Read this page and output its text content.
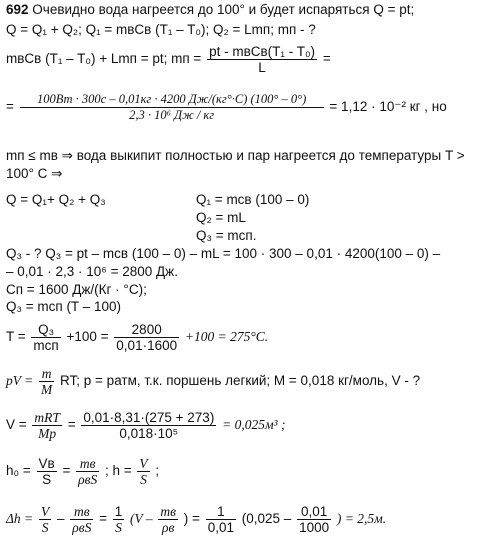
692 Очевидно вода нагреется до 100° и будет испаряться Q = pt;
Q = Q₁ + Q₂; Q₁ = mвCв (T₁ – T₀); Q₂ = Lmп; mп - ?
mвCв (T₁ – T₀) + Lmп = pt; mп = $\frac{\text{pt - mвCв(T₁ - T₀)}}{L}$ =
= $\frac{100Вт \cdot 300с - 0,01кг \cdot 4200 Дж/(кг^\circ\cdot С) (100^\circ - 0^\circ)}{\text{2,3 · 10⁶ Дж / кг}} = 1,12 \cdot 10^{-2}$ кг , но
mп ≤ mв ⇒ вода выкипит полностью и пар нагреется до температуры T >
100° C ⇒
Q = Q₁+ Q₂ + Q₃	Q₁ = mcв (100 – 0)
Q₂ = mL
Q₃ = mcп.
Q₃ - ? Q₃ = pt – mcв (100 – 0) – mL = 100 · 300 – 0,01 · 4200(100 – 0) –
– 0,01 · 2,3 · 10⁶ = 2800 Дж.
Cп = 1600 Дж/(Кг · °С);
Q₃ = mcп (T – 100)
$T = \frac{\text{Q₃}}{\text{mcп}} +100 = \frac{2800}{0,01\cdot 1600} +100 = 275^\circ C$.
pV = $\frac{m}{M}$ RT; p = pатм, т.к. поршень легкий; M = 0,018 кг/моль, V - ?
$V = \frac{\text{mRT}}{Mp} = \frac{0,01\cdot 8,31\cdot(275 + 273)}{\text{0,018·10⁵}} = 0,025м^3$ ;
$h_0 = \frac{Vв}{S} = \frac{mв}{\text{ρвS}}$ ; $h = \frac{V}{S}$ ;
$\Delta h = \frac{V}{S} - \frac{mв}{\text{ρвS}} = \frac{1}{S} (V - \frac{mв}{\rho в}$ ) = $\frac{1}{0,01} (0,025 - \frac{0,01}{1000}$ ) = 2,5м.
